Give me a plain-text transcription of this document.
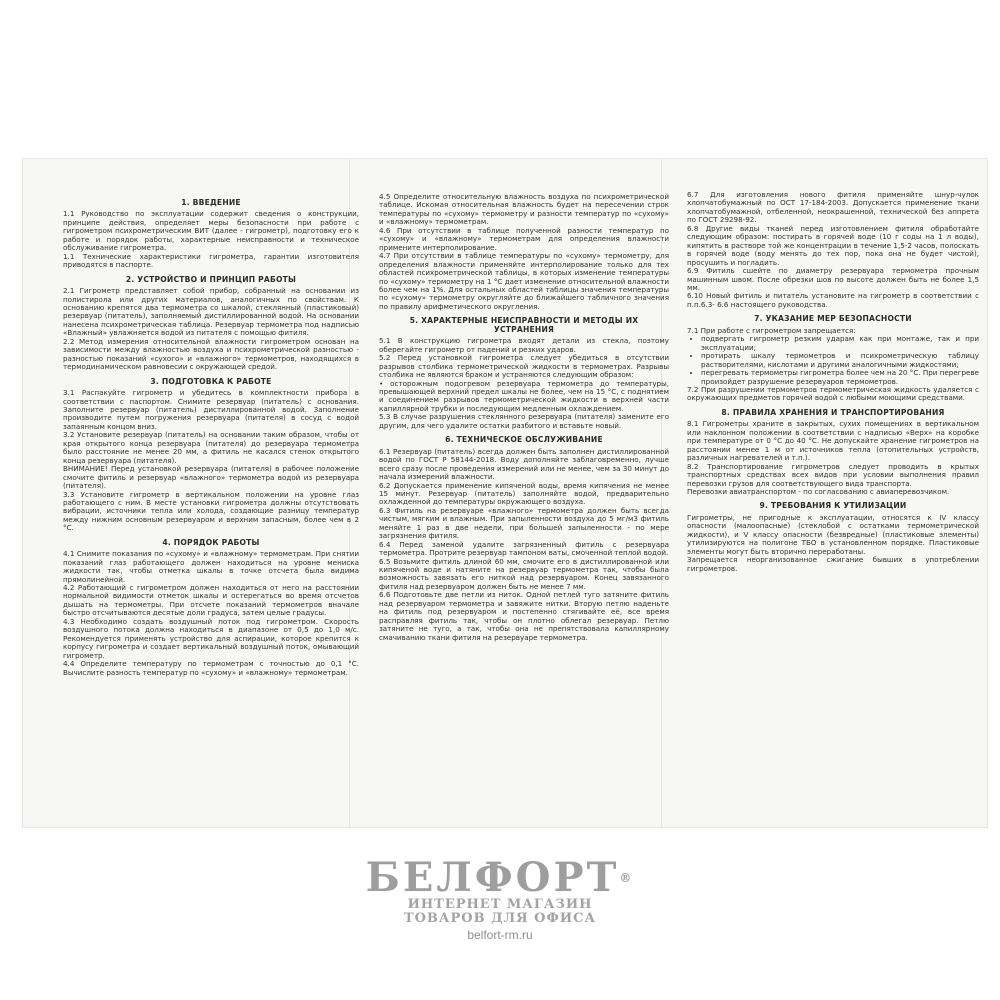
1. ВВЕДЕНИЕ

1.1 Руководство по эксплуатации содержит сведения о конструкции, принципе действия, определяет меры безопасности при работе с гигрометром психрометрическим ВИТ (далее - гигрометр), подготовку его к работе и порядок работы, характерные неисправности и техническое обслуживание гигрометра.

1.1 Технические характеристики гигрометра, гарантии изготовителя приводятся в паспорте.

2. УСТРОЙСТВО И ПРИНЦИП РАБОТЫ

2.1 Гигрометр представляет собой прибор, собранный на основании из полистирола или других материалов, аналогичных по свойствам. К основанию крепятся два термометра со шкалой, стеклянный (пластиковый) резервуар (питатель), заполняемый дистиллированной водой. На основании нанесена психрометрическая таблица. Резервуар термометра под надписью «Влажный» увлажняется водой из питателя с помощью фитиля.

2.2 Метод измерения относительной влажности гигрометром основан на зависимости между влажностью воздуха и психрометрической разностью - разностью показаний «сухого» и «влажного» термометров, находящихся в термодинамическом равновесии с окружающей средой.

3. ПОДГОТОВКА К РАБОТЕ

3.1 Распакуйте гигрометр и убедитесь в комплектности прибора в соответствии с паспортом. Снимите резервуар (питатель) с основания. Заполните резервуар (питатель) дистиллированной водой. Заполнение производите путем погружения резервуара (питателя) в сосуд с водой запаянным концом вниз.

3.2 Установите резервуар (питатель) на основании таким образом, чтобы от края открытого конца резервуара (питателя) до резервуара термометра было расстояние не менее 20 мм, а фитиль не касался стенок открытого конца резервуара (питателя).

ВНИМАНИЕ! Перед установкой резервуара (питателя) в рабочее положение смочите фитиль и резервуар «влажного» термометра водой из резервуара (питателя).

3.3 Установите гигрометр в вертикальном положении на уровне глаз работающего с ним. В месте установки гигрометра должны отсутствовать вибрации, источники тепла или холода, создающие разницу температур между нижним основным резервуаром и верхним запасным, более чем в 2 °С.

4. ПОРЯДОК РАБОТЫ

4.1 Снимите показания по «сухому» и «влажному» термометрам. При снятии показаний глаз работающего должен находиться на уровне мениска жидкости так, чтобы отметка шкалы в точке отсчета была видима прямолинейной.

4.2 Работающий с гигрометром должен находиться от него на расстоянии нормальной видимости отметок шкалы и остерегаться во время отсчетов дышать на термометры. При отсчете показаний термометров вначале быстро отсчитываются десятые доли градуса, затем целые градусы.

4.3 Необходимо создать воздушный поток под гигрометром. Скорость воздушного потока должна находиться в диапазоне от 0,5 до 1,0 м/с. Рекомендуется применять устройство для аспирации, которое крепится к корпусу гигрометра и создает вертикальный воздушный поток, омывающий гигрометр.

4.4 Определите температуру по термометрам с точностью до 0,1 °С. Вычислите разность температур по «сухому» и «влажному» термометрам.

4.5 Определите относительную влажность воздуха по психрометрической таблице. Искомая относительная влажность будет на пересечении строк температуры по «сухому» термометру и разности температур по «сухому» и «влажному» термометрам.

4.6 При отсутствии в таблице полученной разности температур по «сухому» и «влажному» термометрам для определения влажности примените интерполирование.

4.7 При отсутствии в таблице температуры по «сухому» термометру, для определения влажности применяйте интерполирование только для тех областей психрометрической таблицы, в которых изменение температуры по «сухому» термометру на 1 °С дает изменение относительной влажности более чем на 1%. Для остальных областей таблицы значения температуры по «сухому» термометру округляйте до ближайшего табличного значения по правилу арифметического округления.

5. ХАРАКТЕРНЫЕ НЕИСПРАВНОСТИ И МЕТОДЫ ИХ УСТРАНЕНИЯ

5.1 В конструкцию гигрометра входят детали из стекла, поэтому оберегайте гигрометр от падений и резких ударов.

5.2 Перед установкой гигрометра следует убедиться в отсутствии разрывов столбика термометрической жидкости в термометрах. Разрывы столбика не являются браком и устраняются следующим образом:

• осторожным подогревом резервуара термометра до температуры, превышающей верхний предел шкалы не более, чем на 15 °С, с поднятием и соединением разрывов термометрической жидкости в верхней части капиллярной трубки и последующим медленным охлаждением.

5.3 В случае разрушения стеклянного резервуара (питателя) замените его другим, для чего удалите остатки разбитого и вставьте новый.

6. ТЕХНИЧЕСКОЕ ОБСЛУЖИВАНИЕ

6.1 Резервуар (питатель) всегда должен быть заполнен дистиллированной водой по ГОСТ Р 58144-2018. Воду дополняйте заблаговременно, лучше всего сразу после проведения измерений или не менее, чем за 30 минут до начала измерений влажности.

6.2 Допускается применение кипяченой воды, время кипячения не менее 15 минут. Резервуар (питатель) заполняйте водой, предварительно охлажденной до температуры окружающего воздуха.

6.3 Фитиль на резервуаре «влажного» термометра должен быть всегда чистым, мягким и влажным. При запыленности воздуха до 5 мг/м3 фитиль меняйте 1 раз в две недели, при большей запыленности - по мере загрязнения фитиля.

6.4 Перед заменой удалите загрязненный фитиль с резервуара термометра. Протрите резервуар тампоном ваты, смоченной теплой водой.

6.5 Возьмите фитиль длиной 60 мм, смочите его в дистиллированной или кипяченой воде и натяните на резервуар термометра так, чтобы была возможность завязать его ниткой над резервуаром. Конец завязанного фитиля над резервуаром должен быть не менее 7 мм.

6.6 Подготовьте две петли из ниток. Одной петлей туго затяните фитиль над резервуаром термометра и завяжите нитки. Вторую петлю наденьте на фитиль под резервуаром и постепенно стягивайте её, все время расправляя фитиль так, чтобы он плотно облегал резервуар. Петлю затяните не туго, а так, чтобы она не препятствовала капиллярному смачиванию ткани фитиля на резервуаре термометра.

6.7 Для изготовления нового фитиля применяйте шнур-чулок хлопчатобумажный по ОСТ 17-184-2003. Допускается применение ткани хлопчатобумажной, отбеленной, неокрашенной, технической без аппрета по ГОСТ 29298-92.

6.8 Другие виды тканей перед изготовлением фитиля обработайте следующим образом: постирать в горячей воде (10 г соды на 1 л воды), кипятить в растворе той же концентрации в течение 1,5-2 часов, полоскать в горячей воде (воду менять до тех пор, пока она не будет чистой), просушить и погладить.

6.9 Фитиль сшейте по диаметру резервуара термометра прочным машинным швом. После обрезки шов по высоте должен быть не более 1,5 мм.

6.10 Новый фитиль и питатель установите на гигрометр в соответствии с п.п.6.3- 6.6 настоящего руководства.

7. УКАЗАНИЕ МЕР БЕЗОПАСНОСТИ

7.1 При работе с гигрометром запрещается:

• подвергать гигрометр резким ударам как при монтаже, так и при эксплуатации;
• протирать шкалу термометров и психрометрическую таблицу растворителями, кислотами и другими аналогичными жидкостями;
• перегревать термометры гигрометра более чем на 20 °С. При перегреве произойдет разрушение резервуаров термометров.

7.2 При разрушении термометров термометрическая жидкость удаляется с окружающих предметов горячей водой с любыми моющими средствами.

8. ПРАВИЛА ХРАНЕНИЯ И ТРАНСПОРТИРОВАНИЯ

8.1 Гигрометры храните в закрытых, сухих помещениях в вертикальном или наклонном положении в соответствии с надписью «Верх» на коробке при температуре от 0 °С до 40 °С. Не допускайте хранение гигрометров на расстоянии менее 1 м от источников тепла (отопительных устройств, различных нагревателей и т.п.).

8.2 Транспортирование гигрометров следует проводить в крытых транспортных средствах всех видов при условии выполнения правил перевозки грузов для соответствующего вида транспорта.

Перевозки авиатранспортом - по согласованию с авиаперевозчиком.

9. ТРЕБОВАНИЯ К УТИЛИЗАЦИИ

Гигрометры, не пригодные к эксплуатации, относятся к IV классу опасности (малоопасные) (стеклобой с остатками термометрической жидкости), и V классу опасности (безвредные) (пластиковые элементы) утилизируются на полигоне ТБО в установленном порядке. Пластиковые элементы могут быть вторично переработаны.

Запрещается неорганизованное сжигание бывших в употреблении гигрометров.

БЕЛФОРТ®
ИНТЕРНЕТ МАГАЗИН
ТОВАРОВ ДЛЯ ОФИСА
belfort-rm.ru
